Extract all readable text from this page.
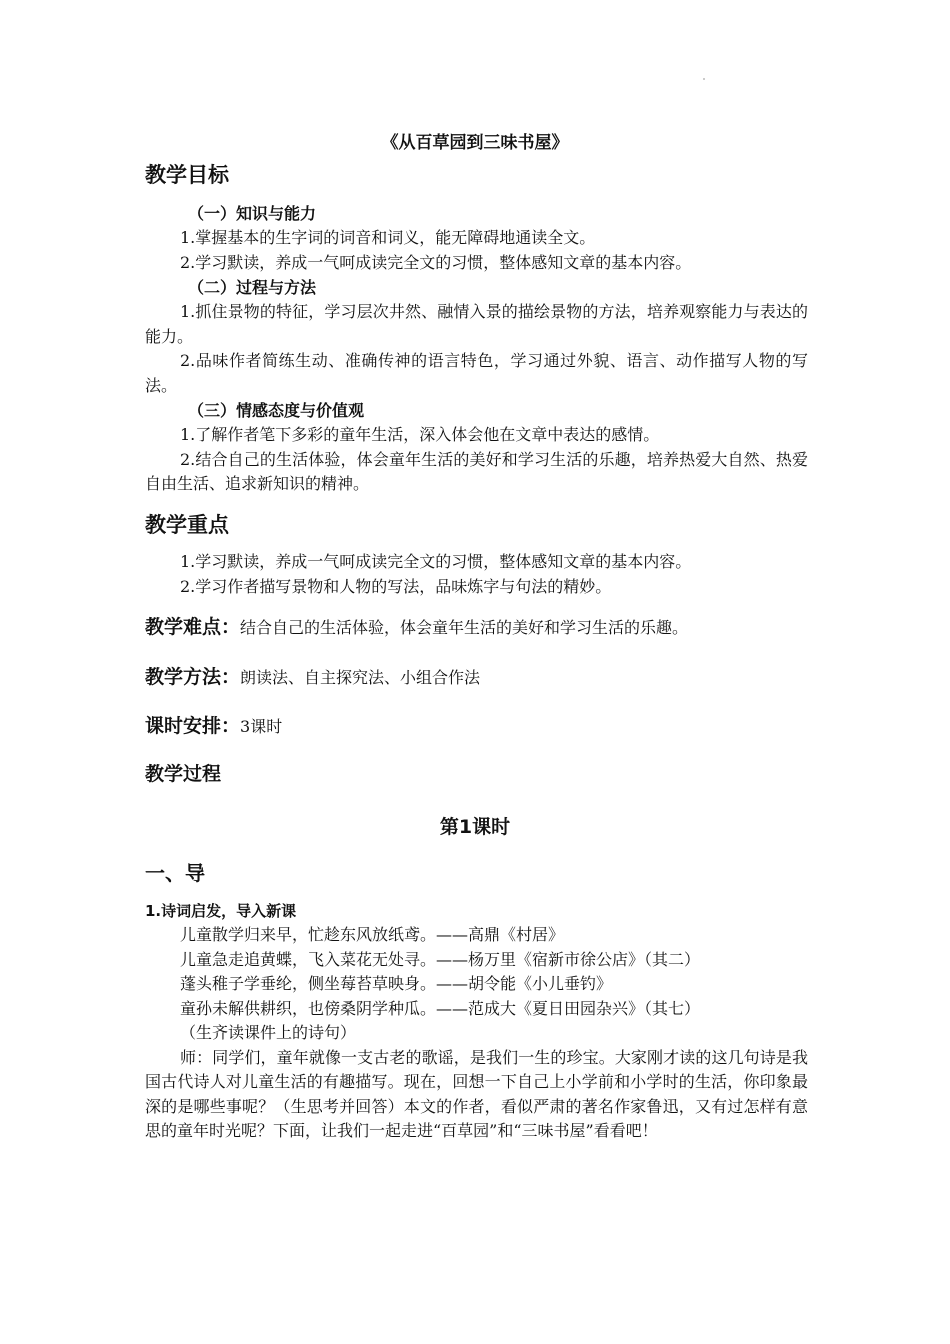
《从百草园到三味书屋》
教学目标
（一）知识与能力
1.掌握基本的生字词的词音和词义，能无障碍地通读全文。
2.学习默读，养成一气呵成读完全文的习惯，整体感知文章的基本内容。
（二）过程与方法
1.抓住景物的特征，学习层次井然、融情入景的描绘景物的方法，培养观察能力与表达的能力。
2.品味作者简练生动、准确传神的语言特色，学习通过外貌、语言、动作描写人物的写法。
（三）情感态度与价值观
1.了解作者笔下多彩的童年生活，深入体会他在文章中表达的感情。
2.结合自己的生活体验，体会童年生活的美好和学习生活的乐趣，培养热爱大自然、热爱自由生活、追求新知识的精神。
教学重点
1.学习默读，养成一气呵成读完全文的习惯，整体感知文章的基本内容。
2.学习作者描写景物和人物的写法，品味炼字与句法的精妙。
教学难点： 结合自己的生活体验，体会童年生活的美好和学习生活的乐趣。
教学方法： 朗读法、自主探究法、小组合作法
课时安排： 3课时
教学过程
第1课时
一、导
1.诗词启发，导入新课
儿童散学归来早，忙趁东风放纸鸢。——高鼎《村居》
儿童急走追黄蝶，飞入菜花无处寻。——杨万里《宿新市徐公店》（其二）
蓬头稚子学垂纶，侧坐莓苔草映身。——胡令能《小儿垂钓》
童孙未解供耕织，也傍桑阴学种瓜。——范成大《夏日田园杂兴》（其七）
（生齐读课件上的诗句）
师：同学们，童年就像一支古老的歌谣，是我们一生的珍宝。大家刚才读的这几句诗是我国古代诗人对儿童生活的有趣描写。现在，回想一下自己上小学前和小学时的生活，你印象最深的是哪些事呢？（生思考并回答）本文的作者，看似严肃的著名作家鲁迅，又有过怎样有意思的童年时光呢？下面，让我们一起走进“百草园”和“三味书屋”看看吧！
